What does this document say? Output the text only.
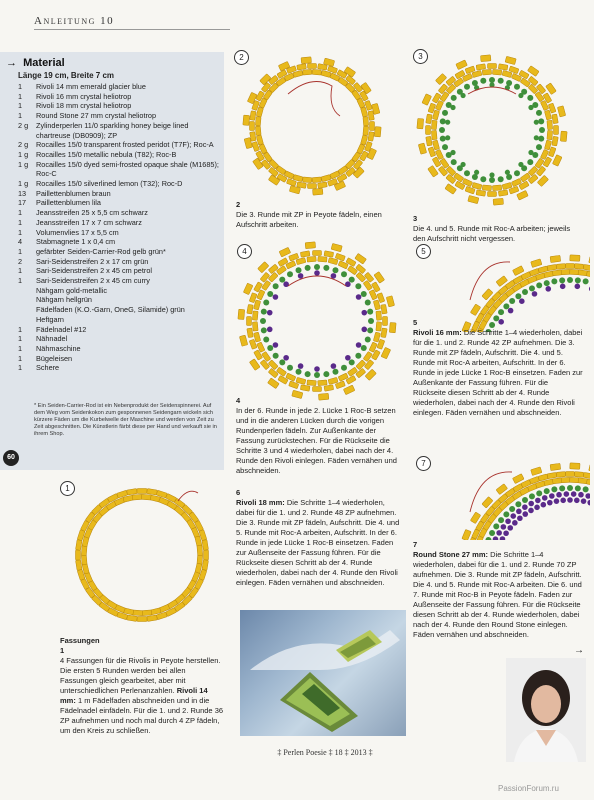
Anleitung 10
→ Material
Länge 19 cm, Breite 7 cm
1	Rivoli 14 mm emerald glacier blue
1	Rivoli 16 mm crystal heliotrop
1	Rivoli 18 mm crystal heliotrop
1	Round Stone 27 mm crystal heliotrop
2 g	Zylinderperlen 11/0 sparkling honey beige lined chartreuse (DB0909); ZP
2 g	Rocailles 15/0 transparent frosted peridot (T7F); Roc-A
1 g	Rocailles 15/0 metallic nebula (T82); Roc-B
1 g	Rocailles 15/0 dyed semi-frosted opaque shale (M1685); Roc-C
1 g	Rocailles 15/0 silverlined lemon (T32); Roc-D
13	Paillettenblumen braun
17	Paillettenblumen lila
1	Jeansstreifen 25 x 5,5 cm schwarz
1	Jeansstreifen 17 x 7 cm schwarz
1	Volumenvlies 17 x 5,5 cm
4	Stabmagnete 1 x 0,4 cm
1	gefärbter Seiden-Carrier-Rod gelb grün*
2	Sari-Seidenstreifen 2 x 17 cm grün
1	Sari-Seidenstreifen 2 x 45 cm petrol
1	Sari-Seidenstreifen 2 x 45 cm curry
Nähgarn gold-metallic
Nähgarn hellgrün
Fädelfaden (K.O.-Garn, OneG, Silamide) grün
Heftgarn
1	Fädelnadel #12
1	Nähnadel
1	Nähmaschine
1	Bügeleisen
1	Schere
* Ein Seiden-Carrier-Rod ist ein Nebenprodukt der Seidenspinnerei. Auf dem Weg vom Seidenkokon zum gesponnenen Seidengarn wickeln sich kürzere Fäden um die Kurbelwelle der Maschine und werden von Zeit zu Zeit abgeschnitten. Die Künstlerin färbt diese per Hand und verkauft sie in ihrem Shop.
60
1
2	3
4	5
7
Fassungen
1
4 Fassungen für die Rivolis in Peyote herstellen. Die ersten 5 Runden werden bei allen Fassungen gleich gearbeitet, aber mit unterschiedlichen Perlenanzahlen. Rivoli 14 mm: 1 m Fädelfaden abschneiden und in die Fädelnadel einfädeln. Für die 1. und 2. Runde 36 ZP aufnehmen und noch mal durch 4 ZP fädeln, um den Kreis zu schließen.
2
Die 3. Runde mit ZP in Peyote fädeln, einen Aufschritt arbeiten.
3
Die 4. und 5. Runde mit Roc-A arbeiten; jeweils den Aufschritt nicht vergessen.
4
In der 6. Runde in jede 2. Lücke 1 Roc-B setzen und in die anderen Lücken durch die vorigen Rundenperlen fädeln. Zur Außenkante der Fassung zurückstechen. Für die Rückseite die Schritte 3 und 4 wiederholen, dabei nach der 4. Runde den Rivoli einlegen. Fäden vernähen und abschneiden.
5
Rivoli 16 mm: Die Schritte 1–4 wiederholen, dabei für die 1. und 2. Runde 42 ZP aufnehmen. Die 3. Runde mit ZP fädeln, Aufschritt. Die 4. und 5. Runde mit Roc-A arbeiten, Aufschritt. In der 6. Runde in jede Lücke 1 Roc-B einsetzen. Faden zur Außenkante der Fassung führen. Für die Rückseite diesen Schritt ab der 4. Runde wiederholen, dabei nach der 4. Runde den Rivoli einlegen. Fäden vernähen und abschneiden.
6
Rivoli 18 mm: Die Schritte 1–4 wiederholen, dabei für die 1. und 2. Runde 48 ZP aufnehmen. Die 3. Runde mit ZP fädeln, Aufschritt. Die 4. und 5. Runde mit Roc-A arbeiten, Aufschritt. In der 6. Runde in jede Lücke 1 Roc-B einsetzen. Faden zur Außenseite der Fassung führen. Für die Rückseite diesen Schritt ab der 4. Runde wiederholen, dabei nach der 4. Runde den Rivoli einlegen. Fäden vernähen und abschneiden.
7
Round Stone 27 mm: Die Schritte 1–4 wiederholen, dabei für die 1. und 2. Runde 70 ZP aufnehmen. Die 3. Runde mit ZP fädeln, Aufschritt. Die 4. und 5. Runde mit Roc-A arbeiten. Die 6. und 7. Runde mit Roc-B in Peyote fädeln. Faden zur Außenseite der Fassung führen. Für die Rückseite diesen Schritt ab der 4. Runde wiederholen, dabei nach der 4. Runde den Round Stone einlegen. Fäden vernähen und abschneiden.
→
‡ Perlen Poesie ‡ 18 ‡ 2013 ‡
PassionForum.ru
